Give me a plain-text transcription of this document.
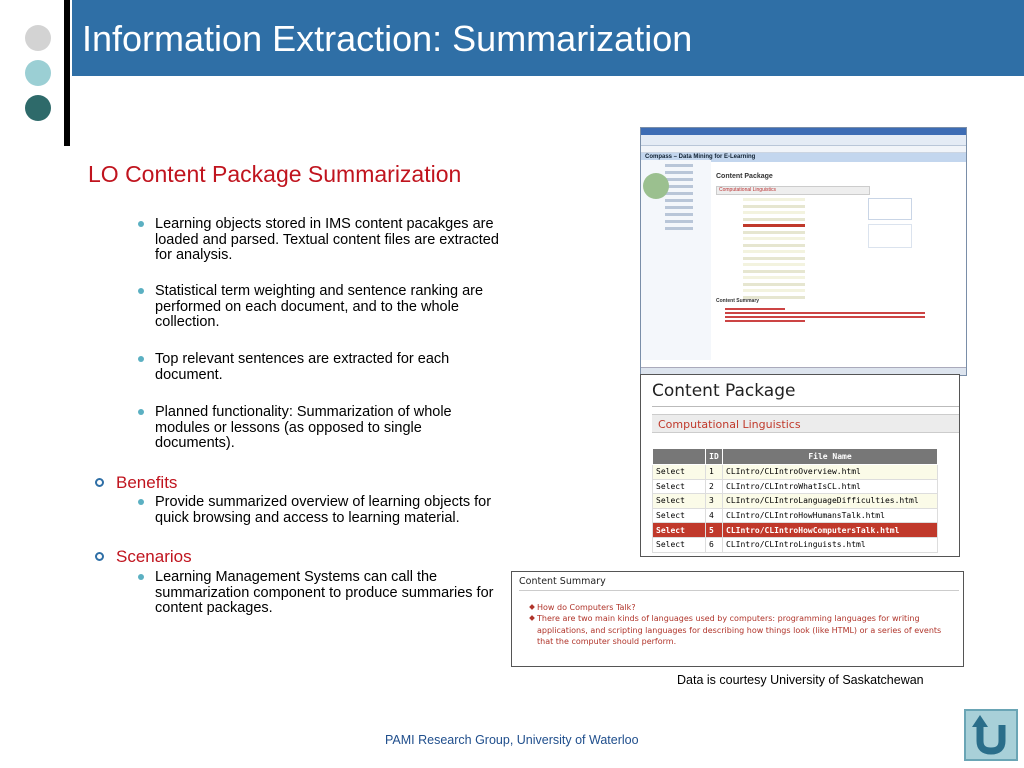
Information Extraction: Summarization
LO Content Package Summarization
Learning objects stored in IMS content pacakges are loaded and parsed. Textual content files are extracted for analysis.
Statistical term weighting and sentence ranking are performed on each document, and to the whole collection.
Top relevant sentences are extracted for each document.
Planned functionality: Summarization of whole modules or lessons (as opposed to single documents).
Benefits
Provide summarized overview of learning objects for quick browsing and access to learning material.
Scenarios
Learning Management Systems can call the summarization component to produce summaries for content packages.
Compass – Data Mining for E-Learning
Content Package
Computational Linguistics
Content Summary
Content Package
Computational Linguistics
	ID	File Name
Select	1	CLIntro/CLIntroOverview.html
Select	2	CLIntro/CLIntroWhatIsCL.html
Select	3	CLIntro/CLIntroLanguageDifficulties.html
Select	4	CLIntro/CLIntroHowHumansTalk.html
Select	5	CLIntro/CLIntroHowComputersTalk.html
Select	6	CLIntro/CLIntroLinguists.html
Content Summary
How do Computers Talk?
There are two main kinds of languages used by computers: programming languages for writing applications, and scripting languages for describing how things look (like HTML) or a series of events that the computer should perform.
Data is courtesy University of Saskatchewan
PAMI Research Group, University of Waterloo
